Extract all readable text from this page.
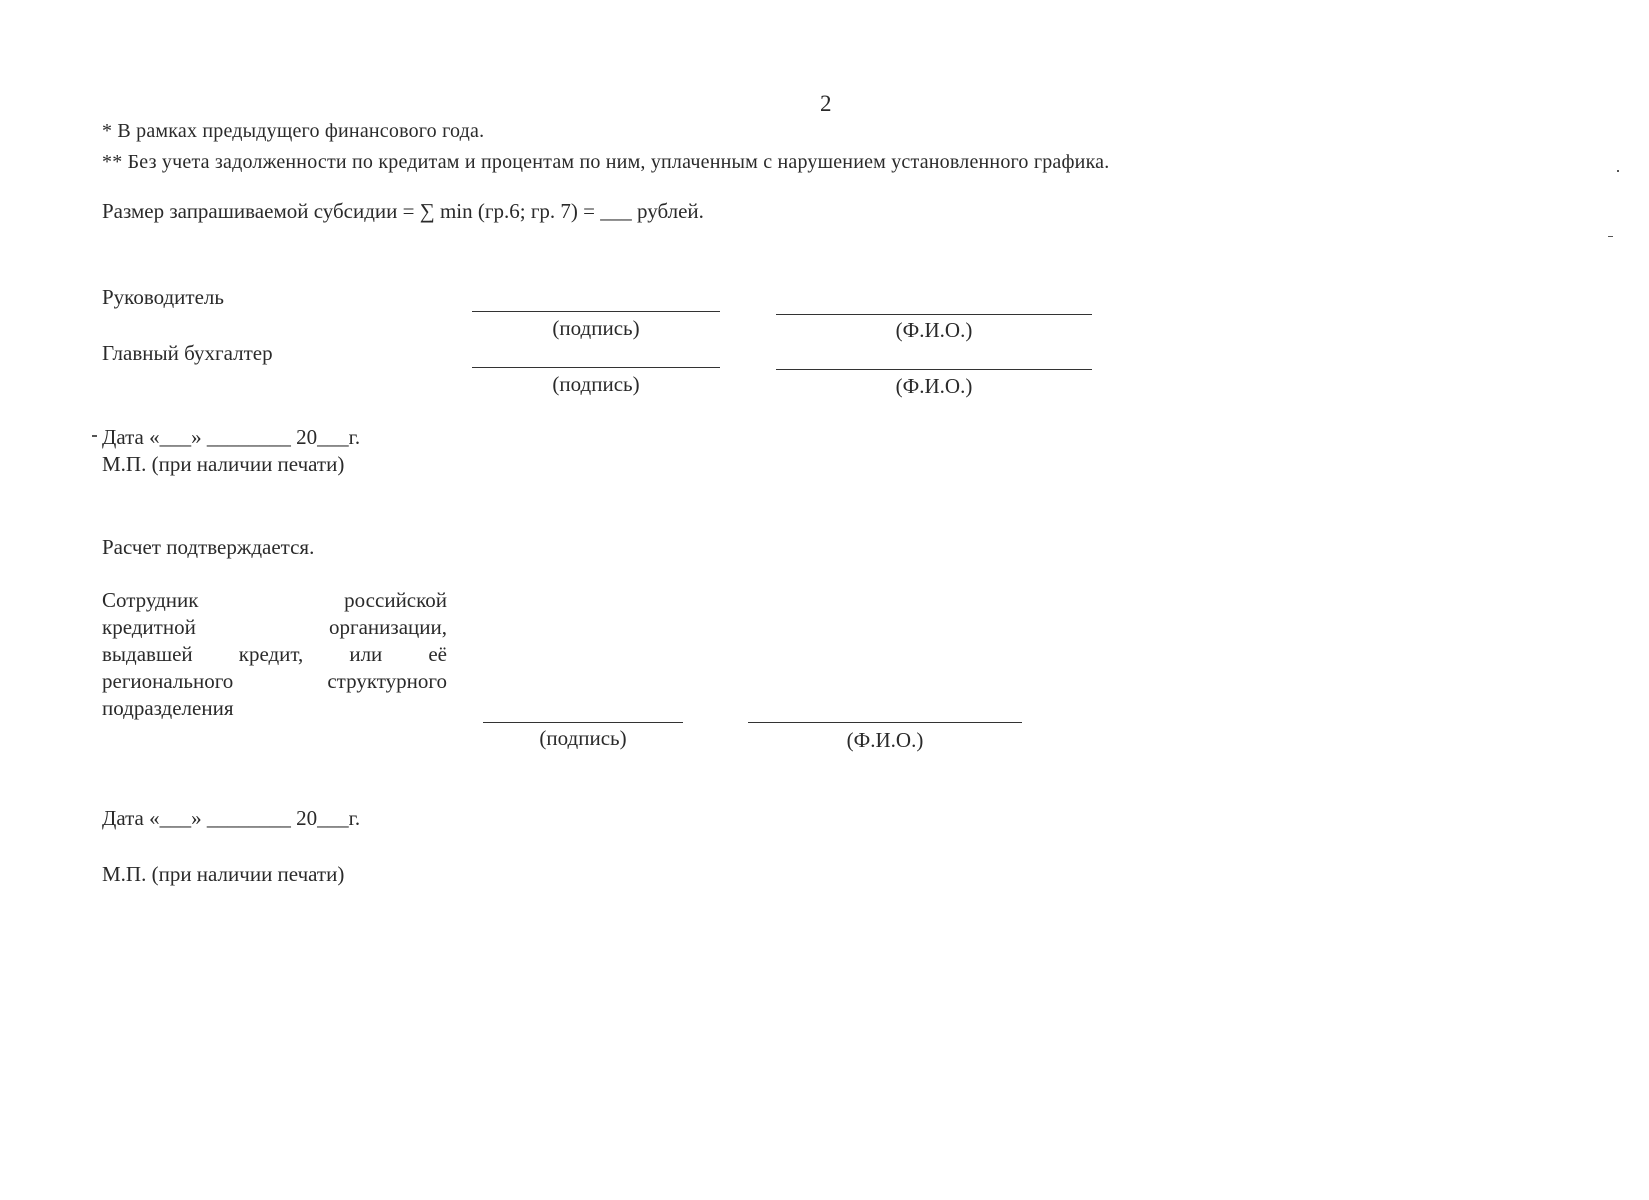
2
* В рамках предыдущего финансового года.
** Без учета задолженности по кредитам и процентам по ним, уплаченным с нарушением установленного графика.
Размер запрашиваемой субсидии = ∑ min (гр.6; гр. 7) = ___ рублей.
Руководитель
(подпись)	(Ф.И.О.)
Главный бухгалтер
(подпись)	(Ф.И.О.)
Дата «___» ________ 20___г.
М.П. (при наличии печати)
Расчет подтверждается.
Сотрудник российской
кредитной организации,
выдавшей кредит, или её
регионального структурного
подразделения
(подпись)	(Ф.И.О.)
Дата «___» ________ 20___г.
М.П. (при наличии печати)
